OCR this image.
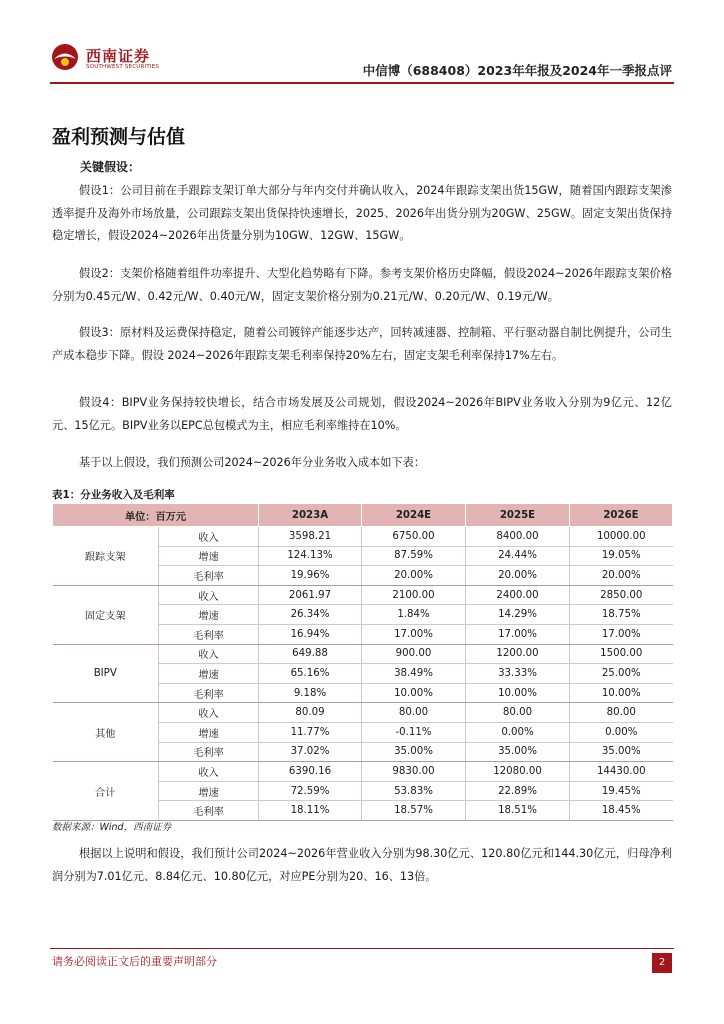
西南证券
SOUTHWEST SECURITIES	中信博（688408）2023年年报及2024年一季报点评
盈利预测与估值
关键假设：
假设1：公司目前在手跟踪支架订单大部分与年内交付并确认收入，2024年跟踪支架出货15GW，随着国内跟踪支架渗透率提升及海外市场放量，公司跟踪支架出货保持快速增长，2025、2026年出货分别为20GW、25GW。固定支架出货保持稳定增长，假设2024~2026年出货量分别为10GW、12GW、15GW。
假设2：支架价格随着组件功率提升、大型化趋势略有下降。参考支架价格历史降幅，假设2024~2026年跟踪支架价格分别为0.45元/W、0.42元/W、0.40元/W，固定支架价格分别为0.21元/W、0.20元/W、0.19元/W。
假设3：原材料及运费保持稳定，随着公司镀锌产能逐步达产，回转减速器、控制箱、平行驱动器自制比例提升，公司生产成本稳步下降。假设 2024~2026年跟踪支架毛利率保持20%左右，固定支架毛利率保持17%左右。
假设4：BIPV业务保持较快增长，结合市场发展及公司规划，假设2024~2026年BIPV业务收入分别为9亿元、12亿元、15亿元。BIPV业务以EPC总包模式为主，相应毛利率维持在10%。
基于以上假设，我们预测公司2024~2026年分业务收入成本如下表：
表1：分业务收入及毛利率
单位：百万元		2023A	2024E	2025E	2026E
跟踪支架	收入	3598.21	6750.00	8400.00	10000.00
	增速	124.13%	87.59%	24.44%	19.05%
	毛利率	19.96%	20.00%	20.00%	20.00%
固定支架	收入	2061.97	2100.00	2400.00	2850.00
	增速	26.34%	1.84%	14.29%	18.75%
	毛利率	16.94%	17.00%	17.00%	17.00%
BIPV	收入	649.88	900.00	1200.00	1500.00
	增速	65.16%	38.49%	33.33%	25.00%
	毛利率	9.18%	10.00%	10.00%	10.00%
其他	收入	80.09	80.00	80.00	80.00
	增速	11.77%	-0.11%	0.00%	0.00%
	毛利率	37.02%	35.00%	35.00%	35.00%
合计	收入	6390.16	9830.00	12080.00	14430.00
	增速	72.59%	53.83%	22.89%	19.45%
	毛利率	18.11%	18.57%	18.51%	18.45%
数据来源：Wind，西南证券
根据以上说明和假设，我们预计公司2024~2026年营业收入分别为98.30亿元、120.80亿元和144.30亿元，归母净利润分别为7.01亿元、8.84亿元、10.80亿元，对应PE分别为20、16、13倍。
请务必阅读正文后的重要声明部分	2
